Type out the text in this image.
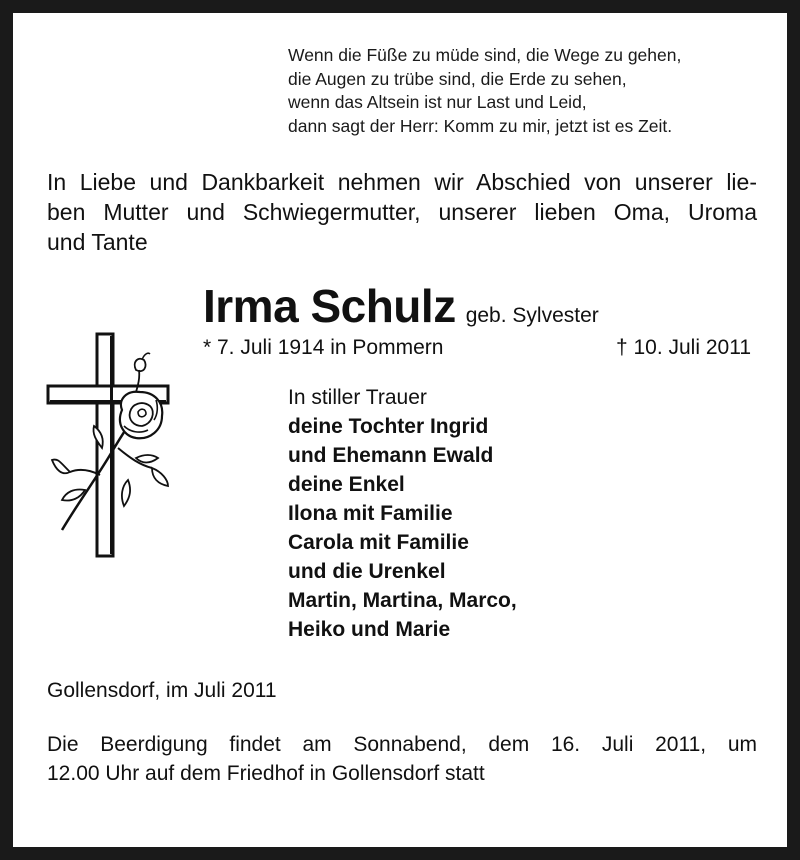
Wenn die Füße zu müde sind, die Wege zu gehen,
die Augen zu trübe sind, die Erde zu sehen,
wenn das Altsein ist nur Last und Leid,
dann sagt der Herr: Komm zu mir, jetzt ist es Zeit.
In Liebe und Dankbarkeit nehmen wir Abschied von unserer lie-
ben Mutter und Schwiegermutter, unserer lieben Oma, Uroma
und Tante
Irma Schulz geb. Sylvester
* 7. Juli 1914 in Pommern	† 10. Juli 2011
In stiller Trauer
deine Tochter Ingrid
und Ehemann Ewald
deine Enkel
Ilona mit Familie
Carola mit Familie
und die Urenkel
Martin, Martina, Marco,
Heiko und Marie
Gollensdorf, im Juli 2011
Die Beerdigung findet am Sonnabend, dem 16. Juli 2011, um
12.00 Uhr auf dem Friedhof in Gollensdorf statt
